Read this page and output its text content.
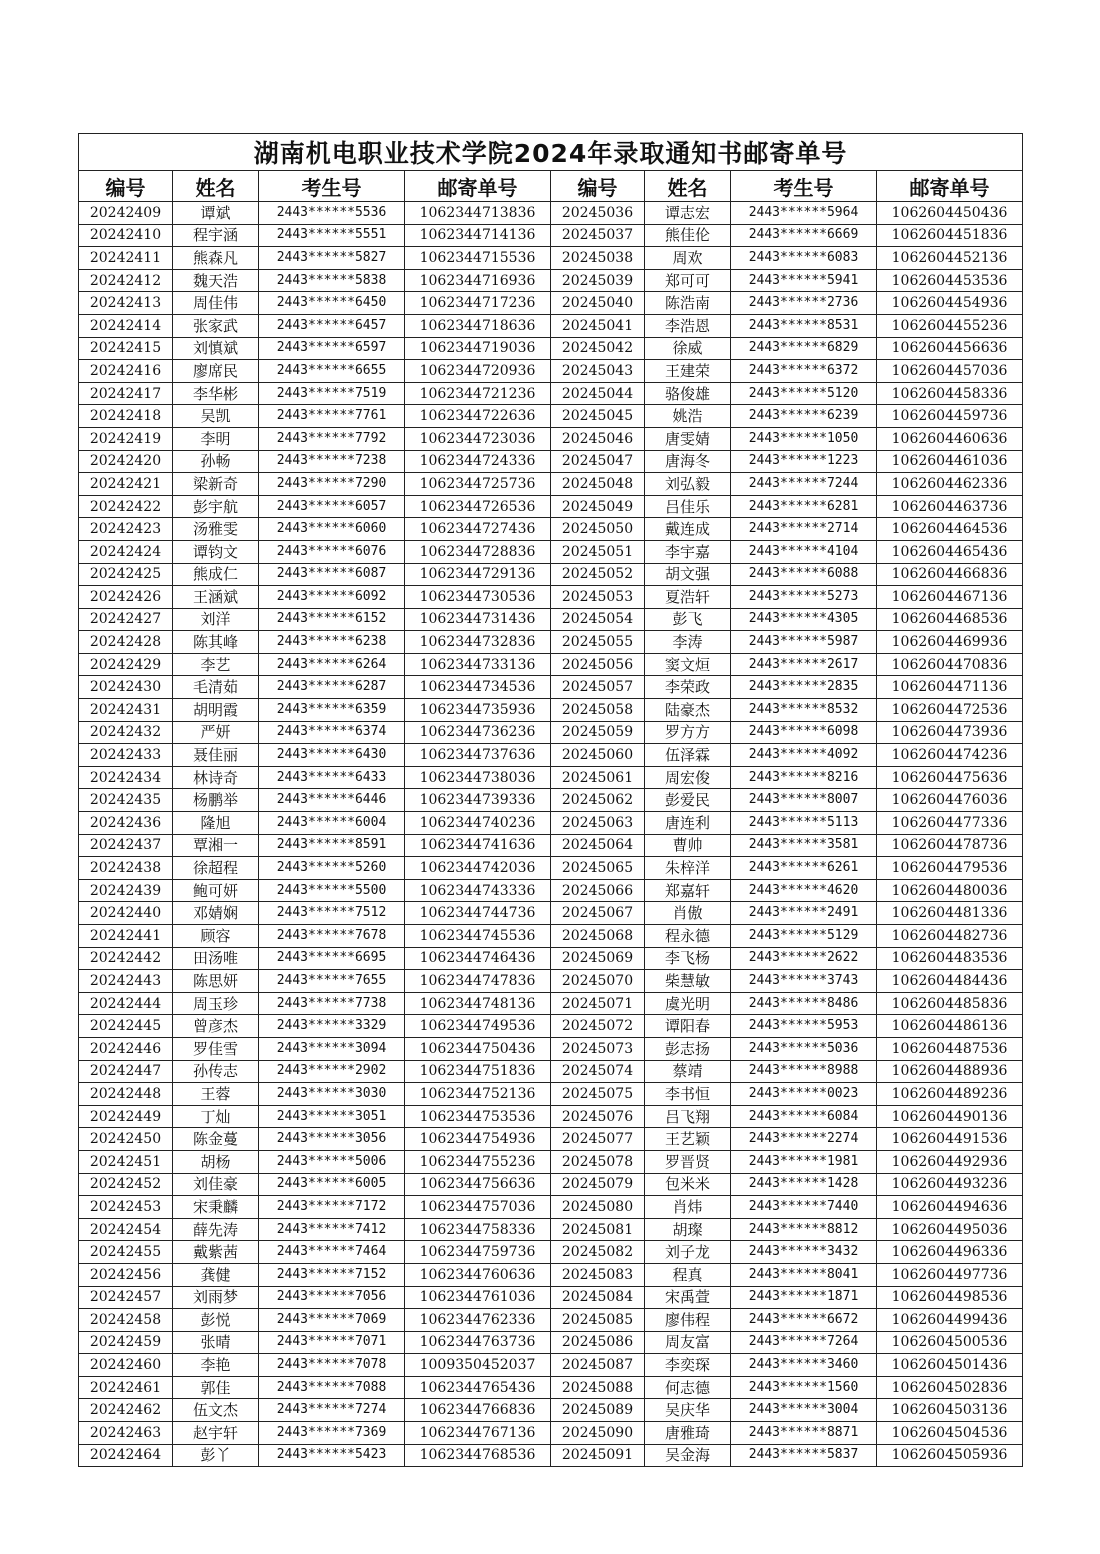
湖南机电职业技术学院2024年录取通知书邮寄单号							
编号	姓名	考生号	邮寄单号	编号	姓名	考生号	邮寄单号
20242409	谭斌	2443******5536	1062344713836	20245036	谭志宏	2443******5964	1062604450436
20242410	程宇涵	2443******5551	1062344714136	20245037	熊佳伦	2443******6669	1062604451836
20242411	熊森凡	2443******5827	1062344715536	20245038	周欢	2443******6083	1062604452136
20242412	魏天浩	2443******5838	1062344716936	20245039	郑可可	2443******5941	1062604453536
20242413	周佳伟	2443******6450	1062344717236	20245040	陈浩南	2443******2736	1062604454936
20242414	张家武	2443******6457	1062344718636	20245041	李浩恩	2443******8531	1062604455236
20242415	刘慎斌	2443******6597	1062344719036	20245042	徐威	2443******6829	1062604456636
20242416	廖席民	2443******6655	1062344720936	20245043	王建荣	2443******6372	1062604457036
20242417	李华彬	2443******7519	1062344721236	20245044	骆俊雄	2443******5120	1062604458336
20242418	吴凯	2443******7761	1062344722636	20245045	姚浩	2443******6239	1062604459736
20242419	李明	2443******7792	1062344723036	20245046	唐雯婧	2443******1050	1062604460636
20242420	孙畅	2443******7238	1062344724336	20245047	唐海冬	2443******1223	1062604461036
20242421	梁新奇	2443******7290	1062344725736	20245048	刘弘毅	2443******7244	1062604462336
20242422	彭宇航	2443******6057	1062344726536	20245049	吕佳乐	2443******6281	1062604463736
20242423	汤雅雯	2443******6060	1062344727436	20245050	戴连成	2443******2714	1062604464536
20242424	谭钧文	2443******6076	1062344728836	20245051	李宇嘉	2443******4104	1062604465436
20242425	熊成仁	2443******6087	1062344729136	20245052	胡文强	2443******6088	1062604466836
20242426	王涵斌	2443******6092	1062344730536	20245053	夏浩轩	2443******5273	1062604467136
20242427	刘洋	2443******6152	1062344731436	20245054	彭飞	2443******4305	1062604468536
20242428	陈其峰	2443******6238	1062344732836	20245055	李涛	2443******5987	1062604469936
20242429	李艺	2443******6264	1062344733136	20245056	窦文烜	2443******2617	1062604470836
20242430	毛清茹	2443******6287	1062344734536	20245057	李荣政	2443******2835	1062604471136
20242431	胡明霞	2443******6359	1062344735936	20245058	陆豪杰	2443******8532	1062604472536
20242432	严妍	2443******6374	1062344736236	20245059	罗方方	2443******6098	1062604473936
20242433	聂佳丽	2443******6430	1062344737636	20245060	伍泽霖	2443******4092	1062604474236
20242434	林诗奇	2443******6433	1062344738036	20245061	周宏俊	2443******8216	1062604475636
20242435	杨鹏举	2443******6446	1062344739336	20245062	彭爱民	2443******8007	1062604476036
20242436	隆旭	2443******6004	1062344740236	20245063	唐连利	2443******5113	1062604477336
20242437	覃湘一	2443******8591	1062344741636	20245064	曹帅	2443******3581	1062604478736
20242438	徐超程	2443******5260	1062344742036	20245065	朱梓洋	2443******6261	1062604479536
20242439	鲍可妍	2443******5500	1062344743336	20245066	郑嘉轩	2443******4620	1062604480036
20242440	邓婧娴	2443******7512	1062344744736	20245067	肖傲	2443******2491	1062604481336
20242441	顾容	2443******7678	1062344745536	20245068	程永德	2443******5129	1062604482736
20242442	田汤唯	2443******6695	1062344746436	20245069	李飞杨	2443******2622	1062604483536
20242443	陈思妍	2443******7655	1062344747836	20245070	柴慧敏	2443******3743	1062604484436
20242444	周玉珍	2443******7738	1062344748136	20245071	虞光明	2443******8486	1062604485836
20242445	曾彦杰	2443******3329	1062344749536	20245072	谭阳春	2443******5953	1062604486136
20242446	罗佳雪	2443******3094	1062344750436	20245073	彭志扬	2443******5036	1062604487536
20242447	孙传志	2443******2902	1062344751836	20245074	蔡靖	2443******8988	1062604488936
20242448	王蓉	2443******3030	1062344752136	20245075	李书恒	2443******0023	1062604489236
20242449	丁灿	2443******3051	1062344753536	20245076	吕飞翔	2443******6084	1062604490136
20242450	陈金蔓	2443******3056	1062344754936	20245077	王艺颖	2443******2274	1062604491536
20242451	胡杨	2443******5006	1062344755236	20245078	罗晋贤	2443******1981	1062604492936
20242452	刘佳豪	2443******6005	1062344756636	20245079	包米米	2443******1428	1062604493236
20242453	宋秉麟	2443******7172	1062344757036	20245080	肖炜	2443******7440	1062604494636
20242454	薛先涛	2443******7412	1062344758336	20245081	胡璨	2443******8812	1062604495036
20242455	戴紫茜	2443******7464	1062344759736	20245082	刘子龙	2443******3432	1062604496336
20242456	龚健	2443******7152	1062344760636	20245083	程真	2443******8041	1062604497736
20242457	刘雨梦	2443******7056	1062344761036	20245084	宋禹萱	2443******1871	1062604498536
20242458	彭悦	2443******7069	1062344762336	20245085	廖伟程	2443******6672	1062604499436
20242459	张晴	2443******7071	1062344763736	20245086	周友富	2443******7264	1062604500536
20242460	李艳	2443******7078	1009350452037	20245087	李奕琛	2443******3460	1062604501436
20242461	郭佳	2443******7088	1062344765436	20245088	何志德	2443******1560	1062604502836
20242462	伍文杰	2443******7274	1062344766836	20245089	吴庆华	2443******3004	1062604503136
20242463	赵宇轩	2443******7369	1062344767136	20245090	唐雅琦	2443******8871	1062604504536
20242464	彭丫	2443******5423	1062344768536	20245091	吴金海	2443******5837	1062604505936
